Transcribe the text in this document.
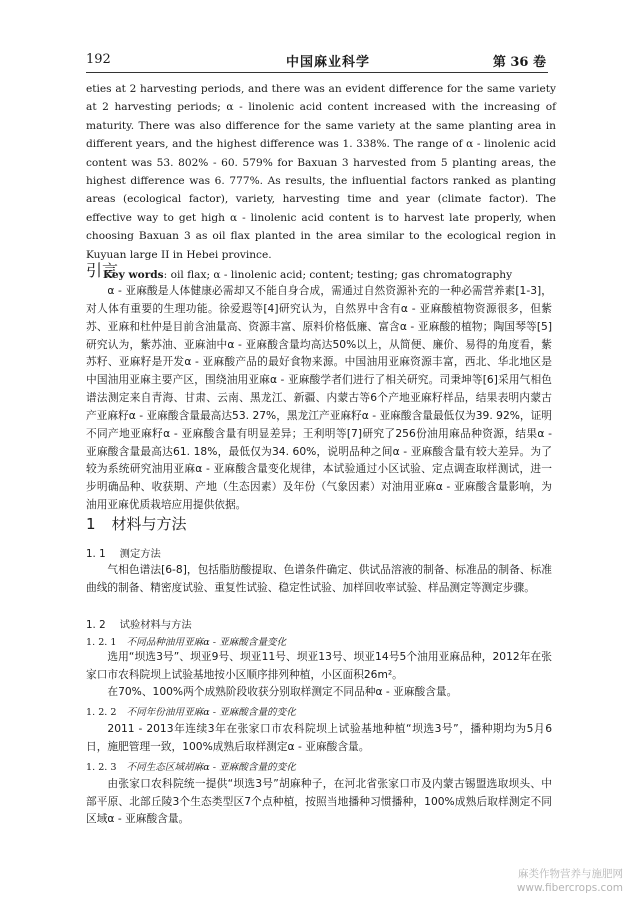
192	中国麻业科学	第 36 卷

eties at 2 harvesting periods, and there was an evident difference for the same variety at 2 harvesting periods; α - linolenic acid content increased with the increasing of maturity. There was also difference for the same variety at the same planting area in different years, and the highest difference was 1. 338%. The range of α - linolenic acid content was 53. 802% - 60. 579% for Baxuan 3 harvested from 5 planting areas, the highest difference was 6. 777%. As results, the influential factors ranked as planting areas (ecological factor), variety, harvesting time and year (climate factor). The effective way to get high α - linolenic acid content is to harvest late properly, when choosing Baxuan 3 as oil flax planted in the area similar to the ecological region in Kuyuan large II in Hebei province.

Key words: oil flax; α - linolenic acid; content; testing; gas chromatography

引言

α - 亚麻酸是人体健康必需却又不能自身合成，需通过自然资源补充的一种必需营养素[1-3]，对人体有重要的生理功能。徐爱遐等[4]研究认为，自然界中含有α - 亚麻酸植物资源很多，但紫苏、亚麻和杜仲是目前含油量高、资源丰富、原料价格低廉、富含α - 亚麻酸的植物；陶国琴等[5]研究认为，紫苏油、亚麻油中α - 亚麻酸含量均高达50%以上，从简便、廉价、易得的角度看，紫苏籽、亚麻籽是开发α - 亚麻酸产品的最好食物来源。中国油用亚麻资源丰富，西北、华北地区是中国油用亚麻主要产区，围绕油用亚麻α - 亚麻酸学者们进行了相关研究。司秉坤等[6]采用气相色谱法测定来自青海、甘肃、云南、黑龙江、新疆、内蒙古等6个产地亚麻籽样品，结果表明内蒙古产亚麻籽α - 亚麻酸含量最高达53. 27%，黑龙江产亚麻籽α - 亚麻酸含量最低仅为39. 92%，证明不同产地亚麻籽α - 亚麻酸含量有明显差异；王利明等[7]研究了256份油用麻品种资源，结果α - 亚麻酸含量最高达61. 18%，最低仅为34. 60%，说明品种之间α - 亚麻酸含量有较大差异。为了较为系统研究油用亚麻α - 亚麻酸含量变化规律，本试验通过小区试验、定点调查取样测试，进一步明确品种、收获期、产地（生态因素）及年份（气象因素）对油用亚麻α - 亚麻酸含量影响，为油用亚麻优质栽培应用提供依据。

1 材料与方法
1. 1 测定方法

气相色谱法[6-8]，包括脂肪酸提取、色谱条件确定、供试品溶液的制备、标准品的制备、标准曲线的制备、精密度试验、重复性试验、稳定性试验、加样回收率试验、样品测定等测定步骤。

1. 2 试验材料与方法
1. 2. 1 不同品种油用亚麻α - 亚麻酸含量变化

选用“坝选3号”、坝亚9号、坝亚11号、坝亚13号、坝亚14号5个油用亚麻品种，2012年在张家口市农科院坝上试验基地按小区顺序排列种植，小区面积26m²。

在70%、100%两个成熟阶段收获分别取样测定不同品种α - 亚麻酸含量。

1. 2. 2 不同年份油用亚麻α - 亚麻酸含量的变化

2011 - 2013年连续3年在张家口市农科院坝上试验基地种植“坝选3号”，播种期均为5月6日，施肥管理一致，100%成熟后取样测定α - 亚麻酸含量。

1. 2. 3 不同生态区域胡麻α - 亚麻酸含量的变化

由张家口农科院统一提供“坝选3号”胡麻种子，在河北省张家口市及内蒙古锡盟选取坝头、中部平原、北部丘陵3个生态类型区7个点种植，按照当地播种习惯播种，100%成熟后取样测定不同区域α - 亚麻酸含量。

麻类作物营养与施肥网
www.fibercrops.com
